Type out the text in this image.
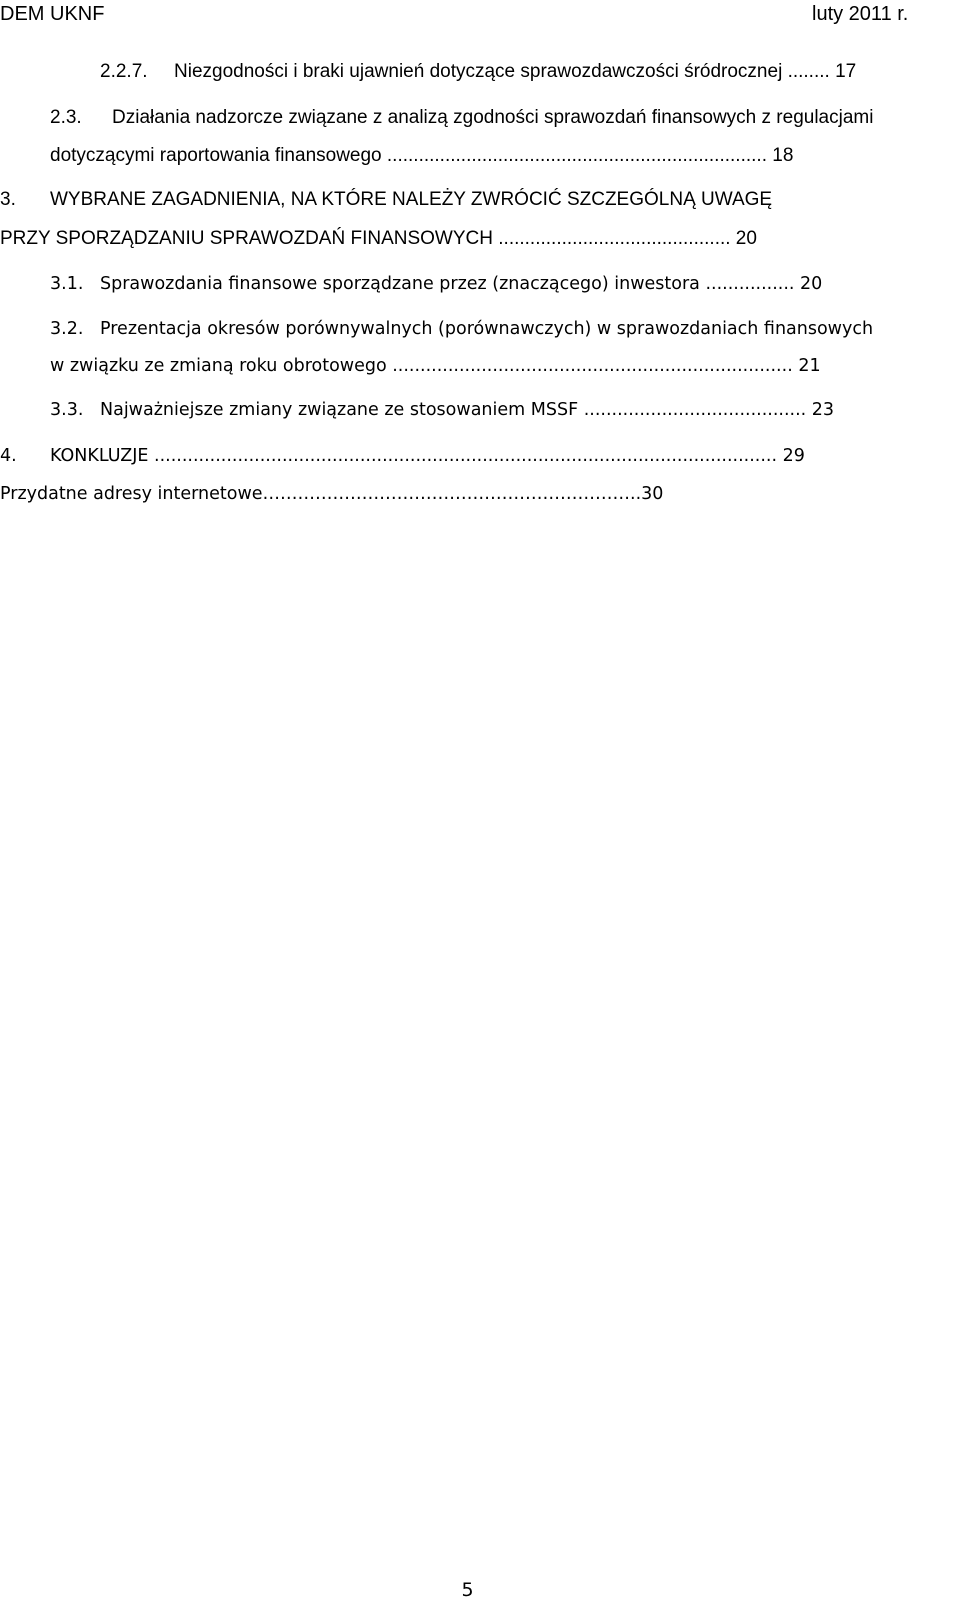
DEM UKNF	luty 2011 r.
2.2.7. Niezgodności i braki ujawnień dotyczące sprawozdawczości śródrocznej ........ 17
2.3. Działania nadzorcze związane z analizą zgodności sprawozdań finansowych z regulacjami
dotyczącymi raportowania finansowego ........................................................................ 18
3. WYBRANE ZAGADNIENIA, NA KTÓRE NALEŻY ZWRÓCIĆ SZCZEGÓLNĄ UWAGĘ
PRZY SPORZĄDZANIU SPRAWOZDAŃ FINANSOWYCH ............................................ 20
3.1. Sprawozdania finansowe sporządzane przez (znaczącego) inwestora ................ 20
3.2. Prezentacja okresów porównywalnych (porównawczych) w sprawozdaniach finansowych
w związku ze zmianą roku obrotowego ........................................................................ 21
3.3. Najważniejsze zmiany związane ze stosowaniem MSSF ........................................ 23
4. KONKLUZJE ................................................................................................................ 29
Przydatne adresy internetowe………………………………………………………..30
5
